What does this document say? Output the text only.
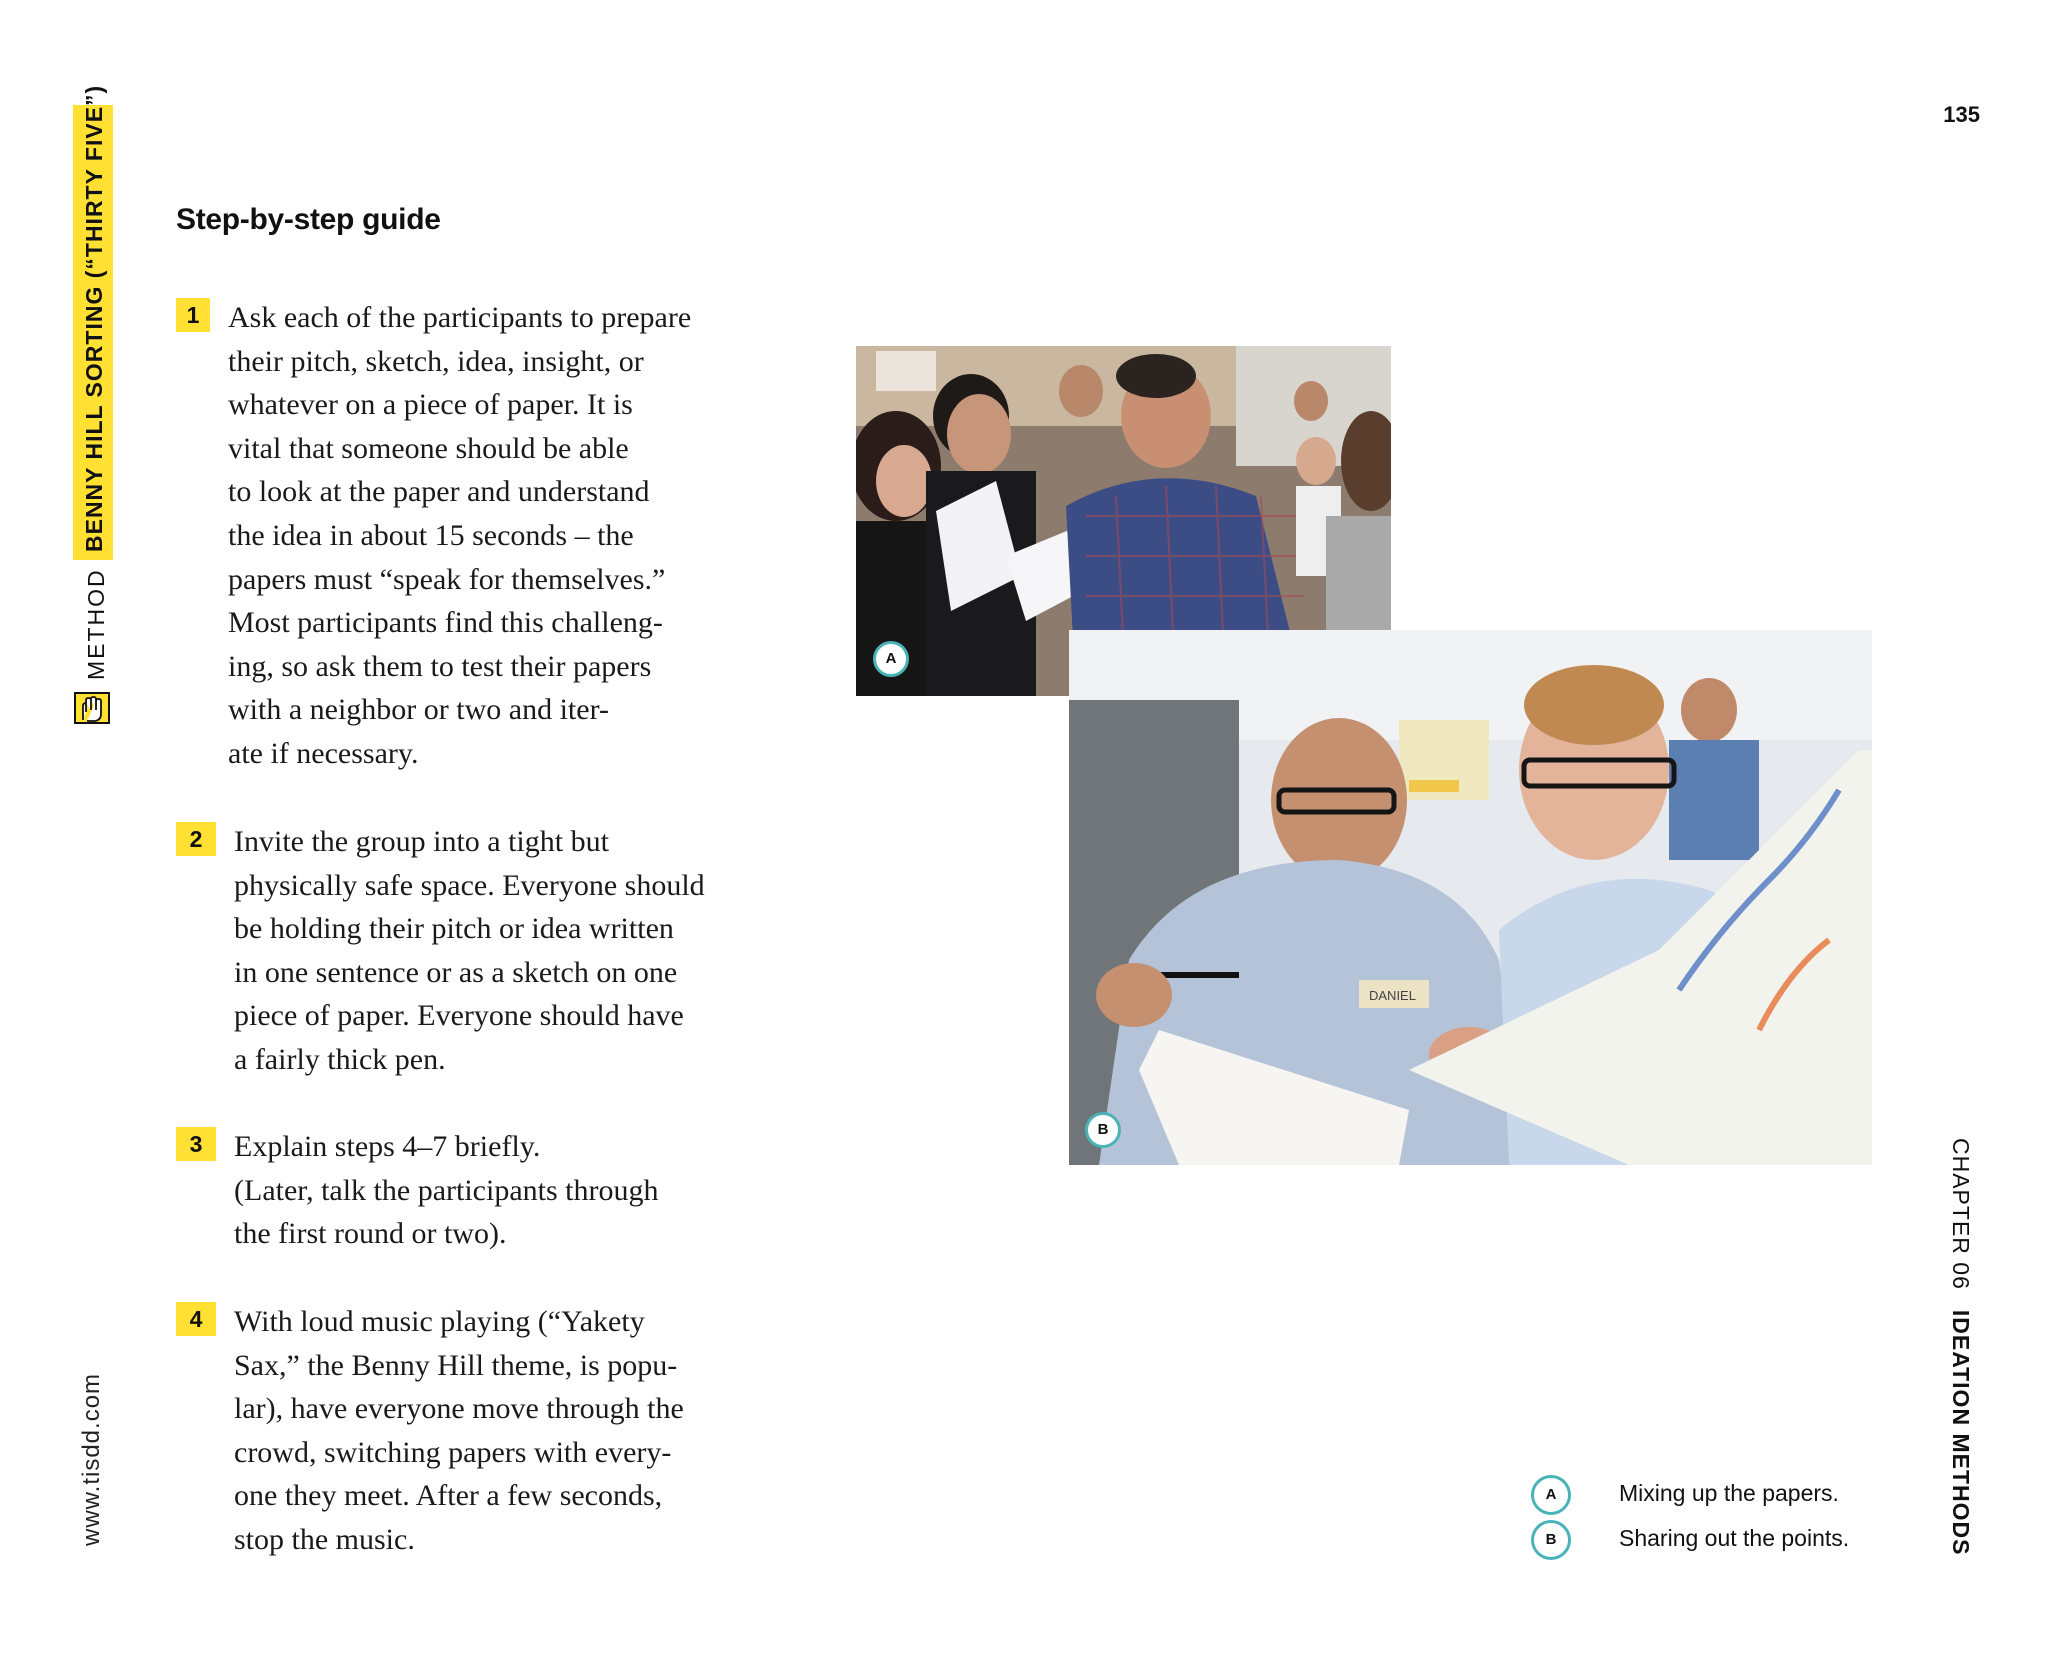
BENNY HILL SORTING (“THIRTY FIVE”)
METHOD
www.tisdd.com
135
Step-by-step guide
1 Ask each of the participants to prepare
their pitch, sketch, idea, insight, or
whatever on a piece of paper. It is
vital that someone should be able
to look at the paper and understand
the idea in about 15 seconds – the
papers must “speak for themselves.”
Most participants find this challeng-
ing, so ask them to test their papers
with a neighbor or two and iter-
ate if necessary.
2	Invite the group into a tight but
physically safe space. Everyone should
be holding their pitch or idea written
in one sentence or as a sketch on one
piece of paper. Everyone should have
a fairly thick pen.
3	Explain steps 4–7 briefly.
(Later, talk the participants through
the first round or two).
4	With loud music playing (“Yakety
Sax,” the Benny Hill theme, is popu-
lar), have everyone move through the
crowd, switching papers with every-
one they meet. After a few seconds,
stop the music.
A
DANIEL
B
A	Mixing up the papers.
B	Sharing out the points.
CHAPTER 06IDEATION METHODS
